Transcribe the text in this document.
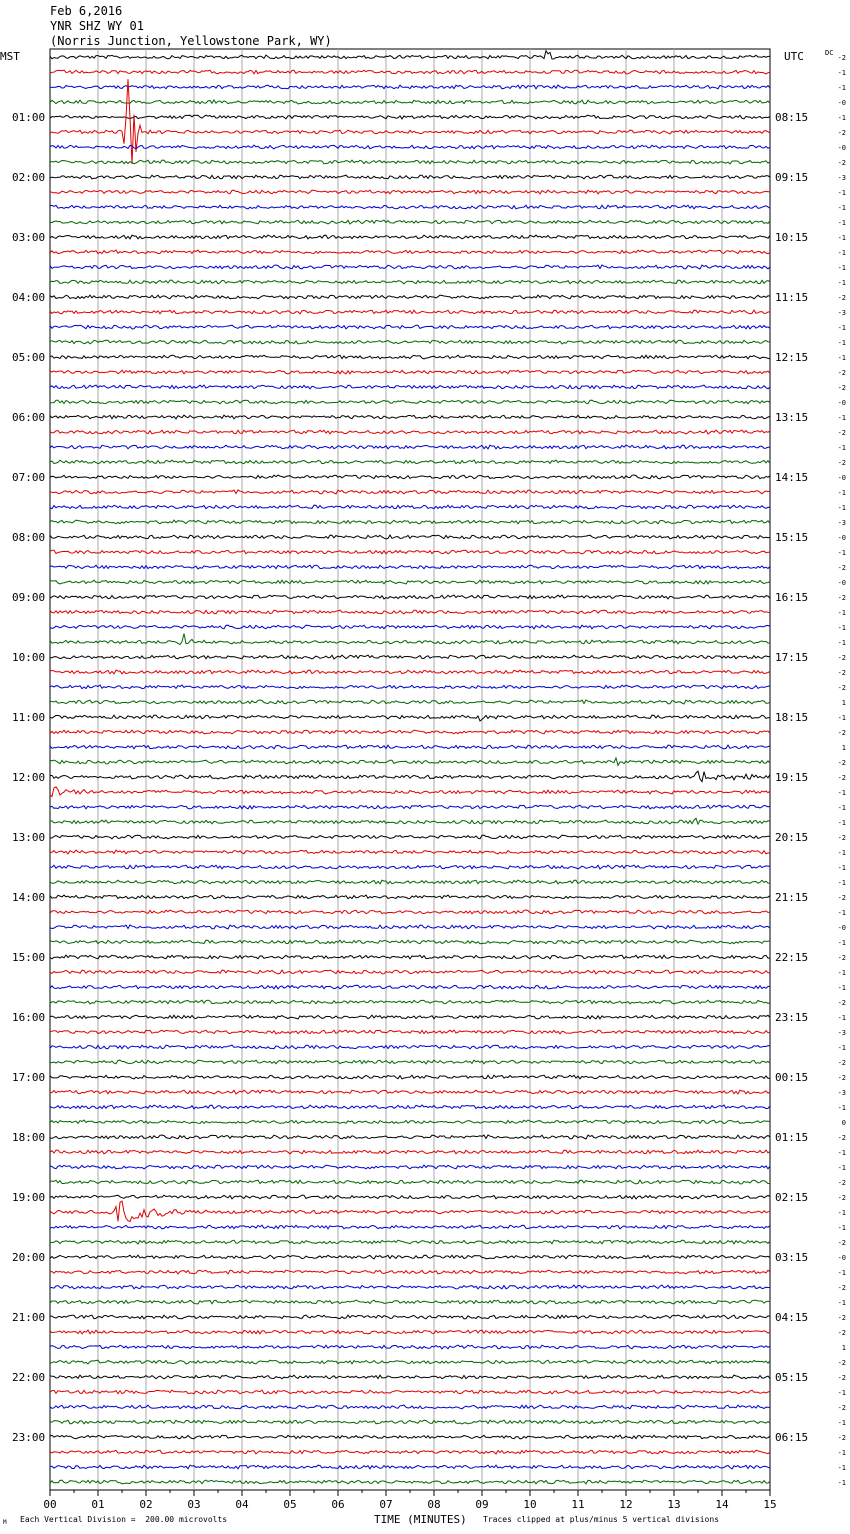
Feb 6,2016
YNR SHZ WY 01
(Norris Junction, Yellowstone Park, WY)
MST	UTC	DC
00	01	02	03	04	05	06	07	08	09	10	11	12	13	14	15
-2
-1
-1
-0
-1
-2
-0
-2
-3
-1
-1
-1
-1
-1
-1
-1
-2
-3
-1
-1
-1
-2
-2
-0
-1
-2
-1
-2
-0
-1
-1
-3
-0
-1
-2
-0
-2
-1
-1
-1
-2
-2
-2
1
-1
-2
1
-2
-2
-1
-1
-1
-2
-1
-1
-1
-2
-1
-0
-1
-2
-1
-1
-2
-1
-3
-1
-2
-2
-3
-1
0
-2
-1
-1
-2
-2
-1
-1
-2
-0
-1
-2
-1
-2
-2
1
-2
-2
-1
-2
-1
-2
-1
-1
-1
01:00	08:15
02:00	09:15
03:00	10:15
04:00	11:15
05:00	12:15
06:00	13:15
07:00	14:15
08:00	15:15
09:00	16:15
10:00	17:15
11:00	18:15
12:00	19:15
13:00	20:15
14:00	21:15
15:00	22:15
16:00	23:15
17:00	00:15
18:00	01:15
19:00	02:15
20:00	03:15
21:00	04:15
22:00	05:15
23:00	06:15
M Each Vertical Division =  200.00 microvolts	TIME (MINUTES) Traces clipped at plus/minus 5 vertical divisions
